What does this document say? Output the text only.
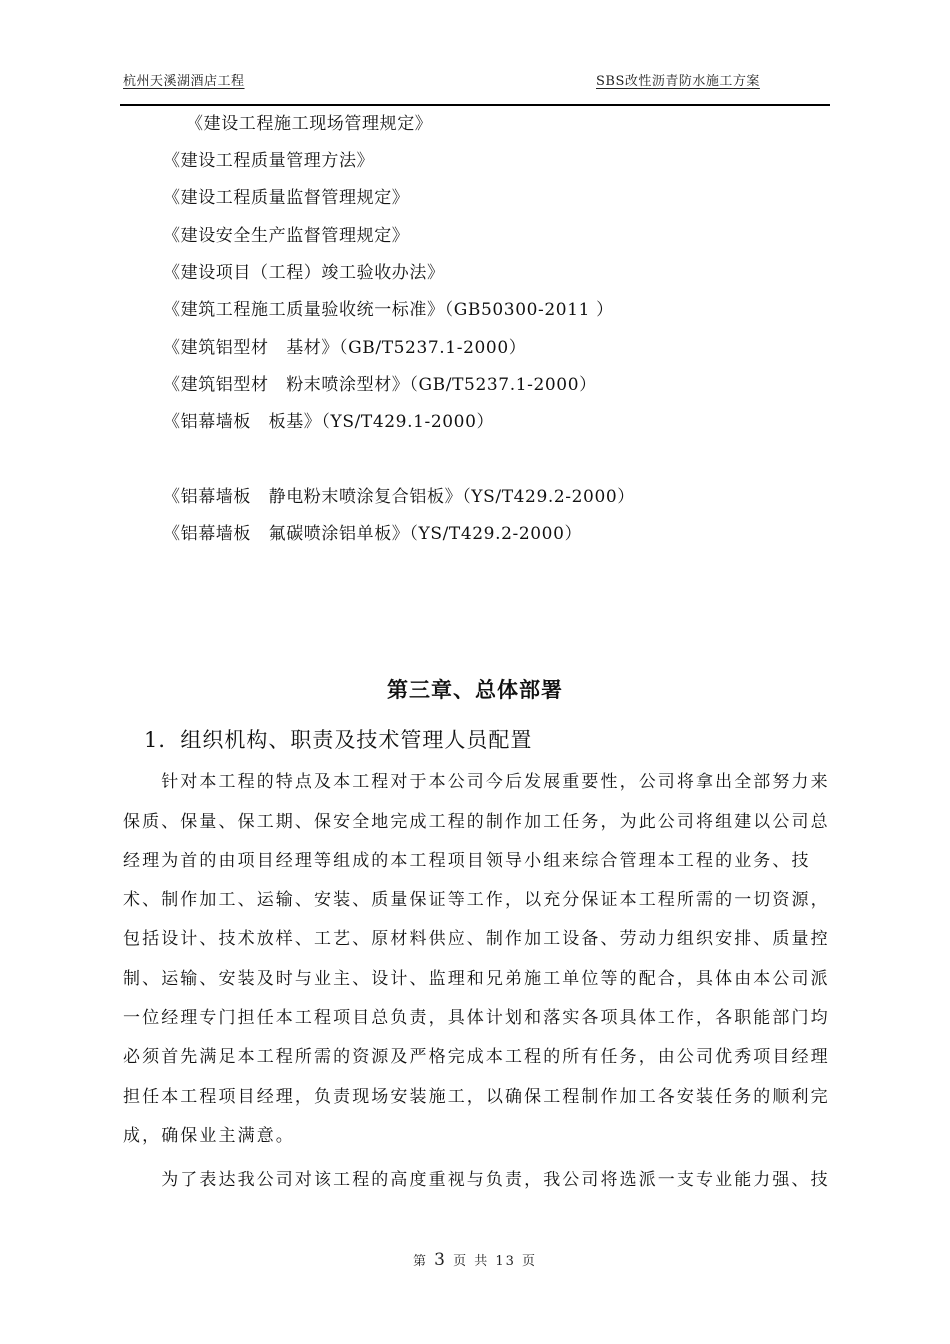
杭州天溪湖酒店工程	SBS改性沥青防水施工方案
《建设工程施工现场管理规定》
《建设工程质量管理方法》
《建设工程质量监督管理规定》
《建设安全生产监督管理规定》
《建设项目（工程）竣工验收办法》
《建筑工程施工质量验收统一标准》（GB50300-2011 ）
《建筑铝型材　基材》（GB/T5237.1-2000）
《建筑铝型材　粉末喷涂型材》（GB/T5237.1-2000）
《铝幕墙板　板基》（YS/T429.1-2000）
《铝幕墙板　静电粉末喷涂复合铝板》（YS/T429.2-2000）
《铝幕墙板　氟碳喷涂铝单板》（YS/T429.2-2000）
第三章、总体部署
1．组织机构、职责及技术管理人员配置
　　针对本工程的特点及本工程对于本公司今后发展重要性，公司将拿出全部努力来
保质、保量、保工期、保安全地完成工程的制作加工任务，为此公司将组建以公司总
经理为首的由项目经理等组成的本工程项目领导小组来综合管理本工程的业务、技
术、制作加工、运输、安装、质量保证等工作，以充分保证本工程所需的一切资源，
包括设计、技术放样、工艺、原材料供应、制作加工设备、劳动力组织安排、质量控
制、运输、安装及时与业主、设计、监理和兄弟施工单位等的配合，具体由本公司派
一位经理专门担任本工程项目总负责，具体计划和落实各项具体工作，各职能部门均
必须首先满足本工程所需的资源及严格完成本工程的所有任务，由公司优秀项目经理
担任本工程项目经理，负责现场安装施工，以确保工程制作加工各安装任务的顺利完
成，确保业主满意。
　　为了表达我公司对该工程的高度重视与负责，我公司将选派一支专业能力强、技
第 3 页 共 13 页
